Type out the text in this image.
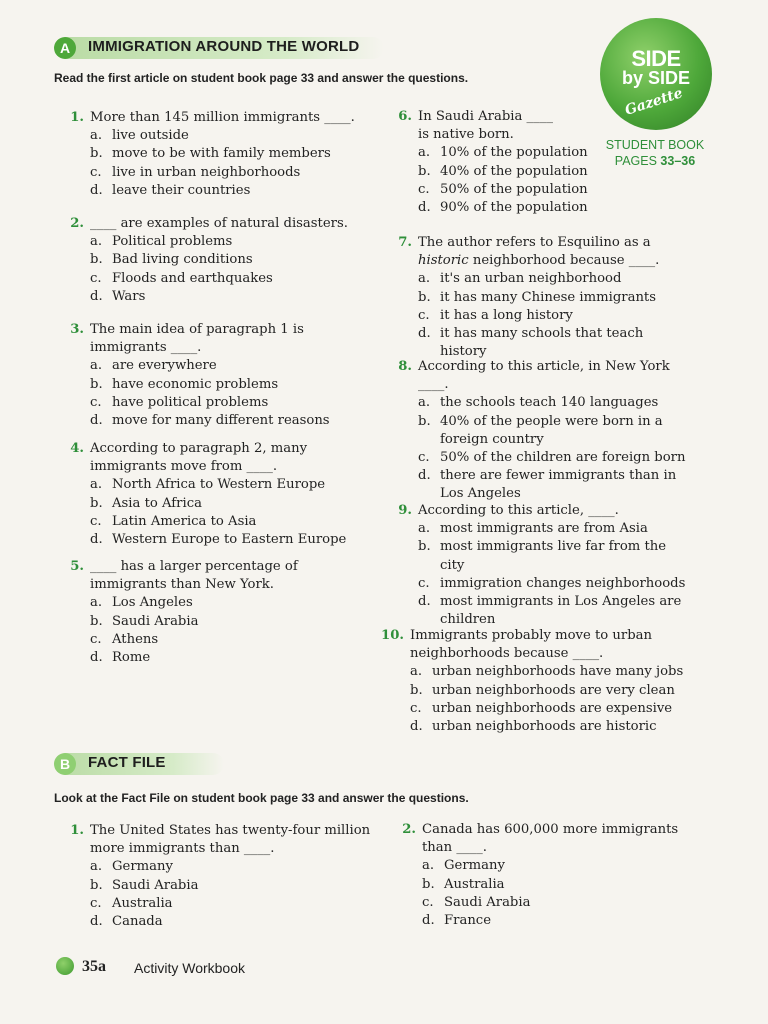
A	IMMIGRATION AROUND THE WORLD
Read the first article on student book page 33 and answer the questions.
SIDE
by SIDE
Gazette
STUDENT BOOK
PAGES 33–36
1. More than 145 million immigrants ____.
a. live outside
b. move to be with family members
c. live in urban neighborhoods
d. leave their countries
2. ____ are examples of natural disasters.
a. Political problems
b. Bad living conditions
c. Floods and earthquakes
d. Wars
3. The main idea of paragraph 1 is
immigrants ____.
a. are everywhere
b. have economic problems
c. have political problems
d. move for many different reasons
4. According to paragraph 2, many
immigrants move from ____.
a. North Africa to Western Europe
b. Asia to Africa
c. Latin America to Asia
d. Western Europe to Eastern Europe
5. ____ has a larger percentage of
immigrants than New York.
a. Los Angeles
b. Saudi Arabia
c. Athens
d. Rome
6. In Saudi Arabia ____
is native born.
a. 10% of the population
b. 40% of the population
c. 50% of the population
d. 90% of the population
7. The author refers to Esquilino as a
historic neighborhood because ____.
a. it's an urban neighborhood
b. it has many Chinese immigrants
c. it has a long history
d. it has many schools that teach history
8. According to this article, in New York ____.
a. the schools teach 140 languages
b. 40% of the people were born in a foreign country
c. 50% of the children are foreign born
d. there are fewer immigrants than in Los Angeles
9. According to this article, ____.
a. most immigrants are from Asia
b. most immigrants live far from the city
c. immigration changes neighborhoods
d. most immigrants in Los Angeles are children
10. Immigrants probably move to urban
neighborhoods because ____.
a. urban neighborhoods have many jobs
b. urban neighborhoods are very clean
c. urban neighborhoods are expensive
d. urban neighborhoods are historic
B	FACT FILE
Look at the Fact File on student book page 33 and answer the questions.
1. The United States has twenty-four million
more immigrants than ____.
a. Germany
b. Saudi Arabia
c. Australia
d. Canada
2. Canada has 600,000 more immigrants
than ____.
a. Germany
b. Australia
c. Saudi Arabia
d. France
35a Activity Workbook
